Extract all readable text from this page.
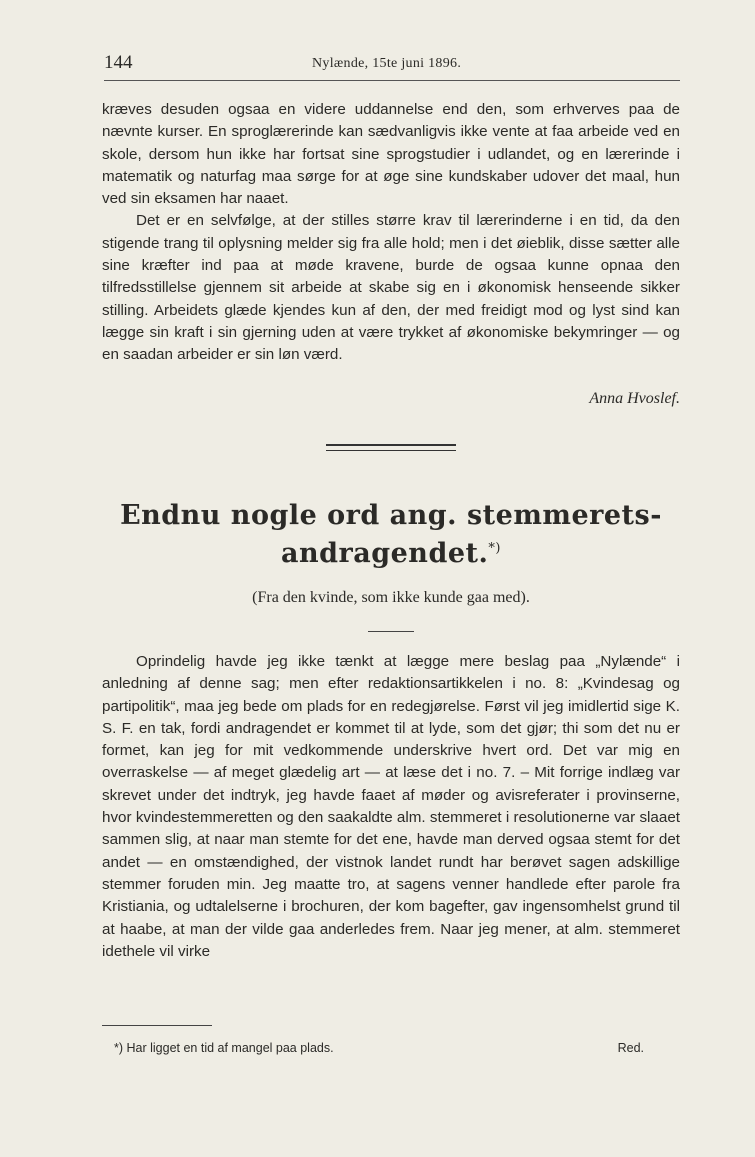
144	Nylænde, 15te juni 1896.

kræves desuden ogsaa en videre uddannelse end den, som erhverves paa de nævnte kurser. En sproglærerinde kan sædvanligvis ikke vente at faa arbeide ved en skole, dersom hun ikke har fortsat sine sprogstudier i udlandet, og en lærerinde i matematik og naturfag maa sørge for at øge sine kundskaber udover det maal, hun ved sin eksamen har naaet.

Det er en selvfølge, at der stilles større krav til lærerinderne i en tid, da den stigende trang til oplysning melder sig fra alle hold; men i det øieblik, disse sætter alle sine kræfter ind paa at møde kravene, burde de ogsaa kunne opnaa den tilfredsstillelse gjennem sit arbeide at skabe sig en i økonomisk henseende sikker stilling. Arbeidets glæde kjendes kun af den, der med freidigt mod og lyst sind kan lægge sin kraft i sin gjerning uden at være trykket af økonomiske bekymringer — og en saadan arbeider er sin løn værd.

Anna Hvoslef.
Endnu nogle ord ang. stemmerets-
andragendet.*)
(Fra den kvinde, som ikke kunde gaa med).

Oprindelig havde jeg ikke tænkt at lægge mere beslag paa „Nylænde“ i anledning af denne sag; men efter redaktionsartikkelen i no. 8: „Kvindesag og partipolitik“, maa jeg bede om plads for en redegjørelse. Først vil jeg imidlertid sige K. S. F. en tak, fordi andragendet er kommet til at lyde, som det gjør; thi som det nu er formet, kan jeg for mit vedkommende underskrive hvert ord. Det var mig en overraskelse — af meget glædelig art — at læse det i no. 7. – Mit forrige indlæg var skrevet under det indtryk, jeg havde faaet af møder og avisreferater i provinserne, hvor kvindestemmeretten og den saakaldte alm. stemmeret i resolutionerne var slaaet sammen slig, at naar man stemte for det ene, havde man derved ogsaa stemt for det andet — en omstændighed, der vistnok landet rundt har berøvet sagen adskillige stemmer foruden min. Jeg maatte tro, at sagens venner handlede efter parole fra Kristiania, og udtalelserne i brochuren, der kom bagefter, gav ingensomhelst grund til at haabe, at man der vilde gaa anderledes frem. Naar jeg mener, at alm. stemmeret idethele vil virke

*) Har ligget en tid af mangel paa plads.	Red.
